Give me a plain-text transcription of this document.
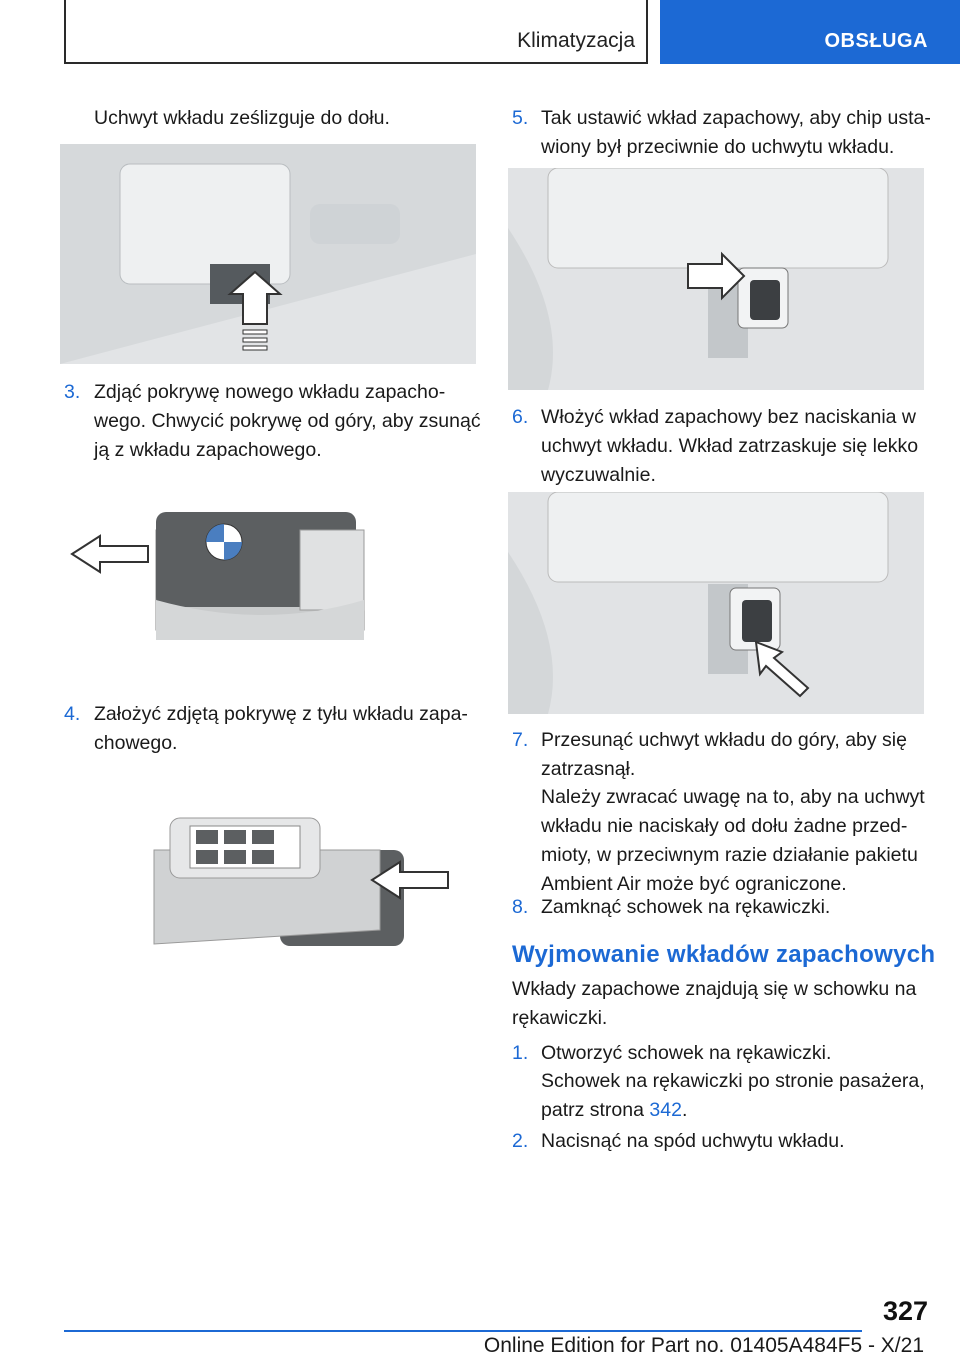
Klimatyzacja	OBSŁUGA
Uchwyt wkładu ześlizguje do dołu.
3. Zdjąć pokrywę nowego wkładu zapacho‐
wego. Chwycić pokrywę od góry, aby zsunąć
ją z wkładu zapachowego.
4. Założyć zdjętą pokrywę z tyłu wkładu zapa‐
chowego.
5. Tak ustawić wkład zapachowy, aby chip usta‐
wiony był przeciwnie do uchwytu wkładu.
6. Włożyć wkład zapachowy bez naciskania w
uchwyt wkładu. Wkład zatrzaskuje się lekko
wyczuwalnie.
7. Przesunąć uchwyt wkładu do góry, aby się
zatrzasnął.
Należy zwracać uwagę na to, aby na uchwyt
wkładu nie naciskały od dołu żadne przed‐
mioty, w przeciwnym razie działanie pakietu
Ambient Air może być ograniczone.
8. Zamknąć schowek na rękawiczki.
Wyjmowanie wkładów zapachowych
Wkłady zapachowe znajdują się w schowku na
rękawiczki.
1. Otworzyć schowek na rękawiczki.
Schowek na rękawiczki po stronie pasażera,
patrz strona 342.
2. Nacisnąć na spód uchwytu wkładu.
327
Online Edition for Part no. 01405A484F5 - X/21
